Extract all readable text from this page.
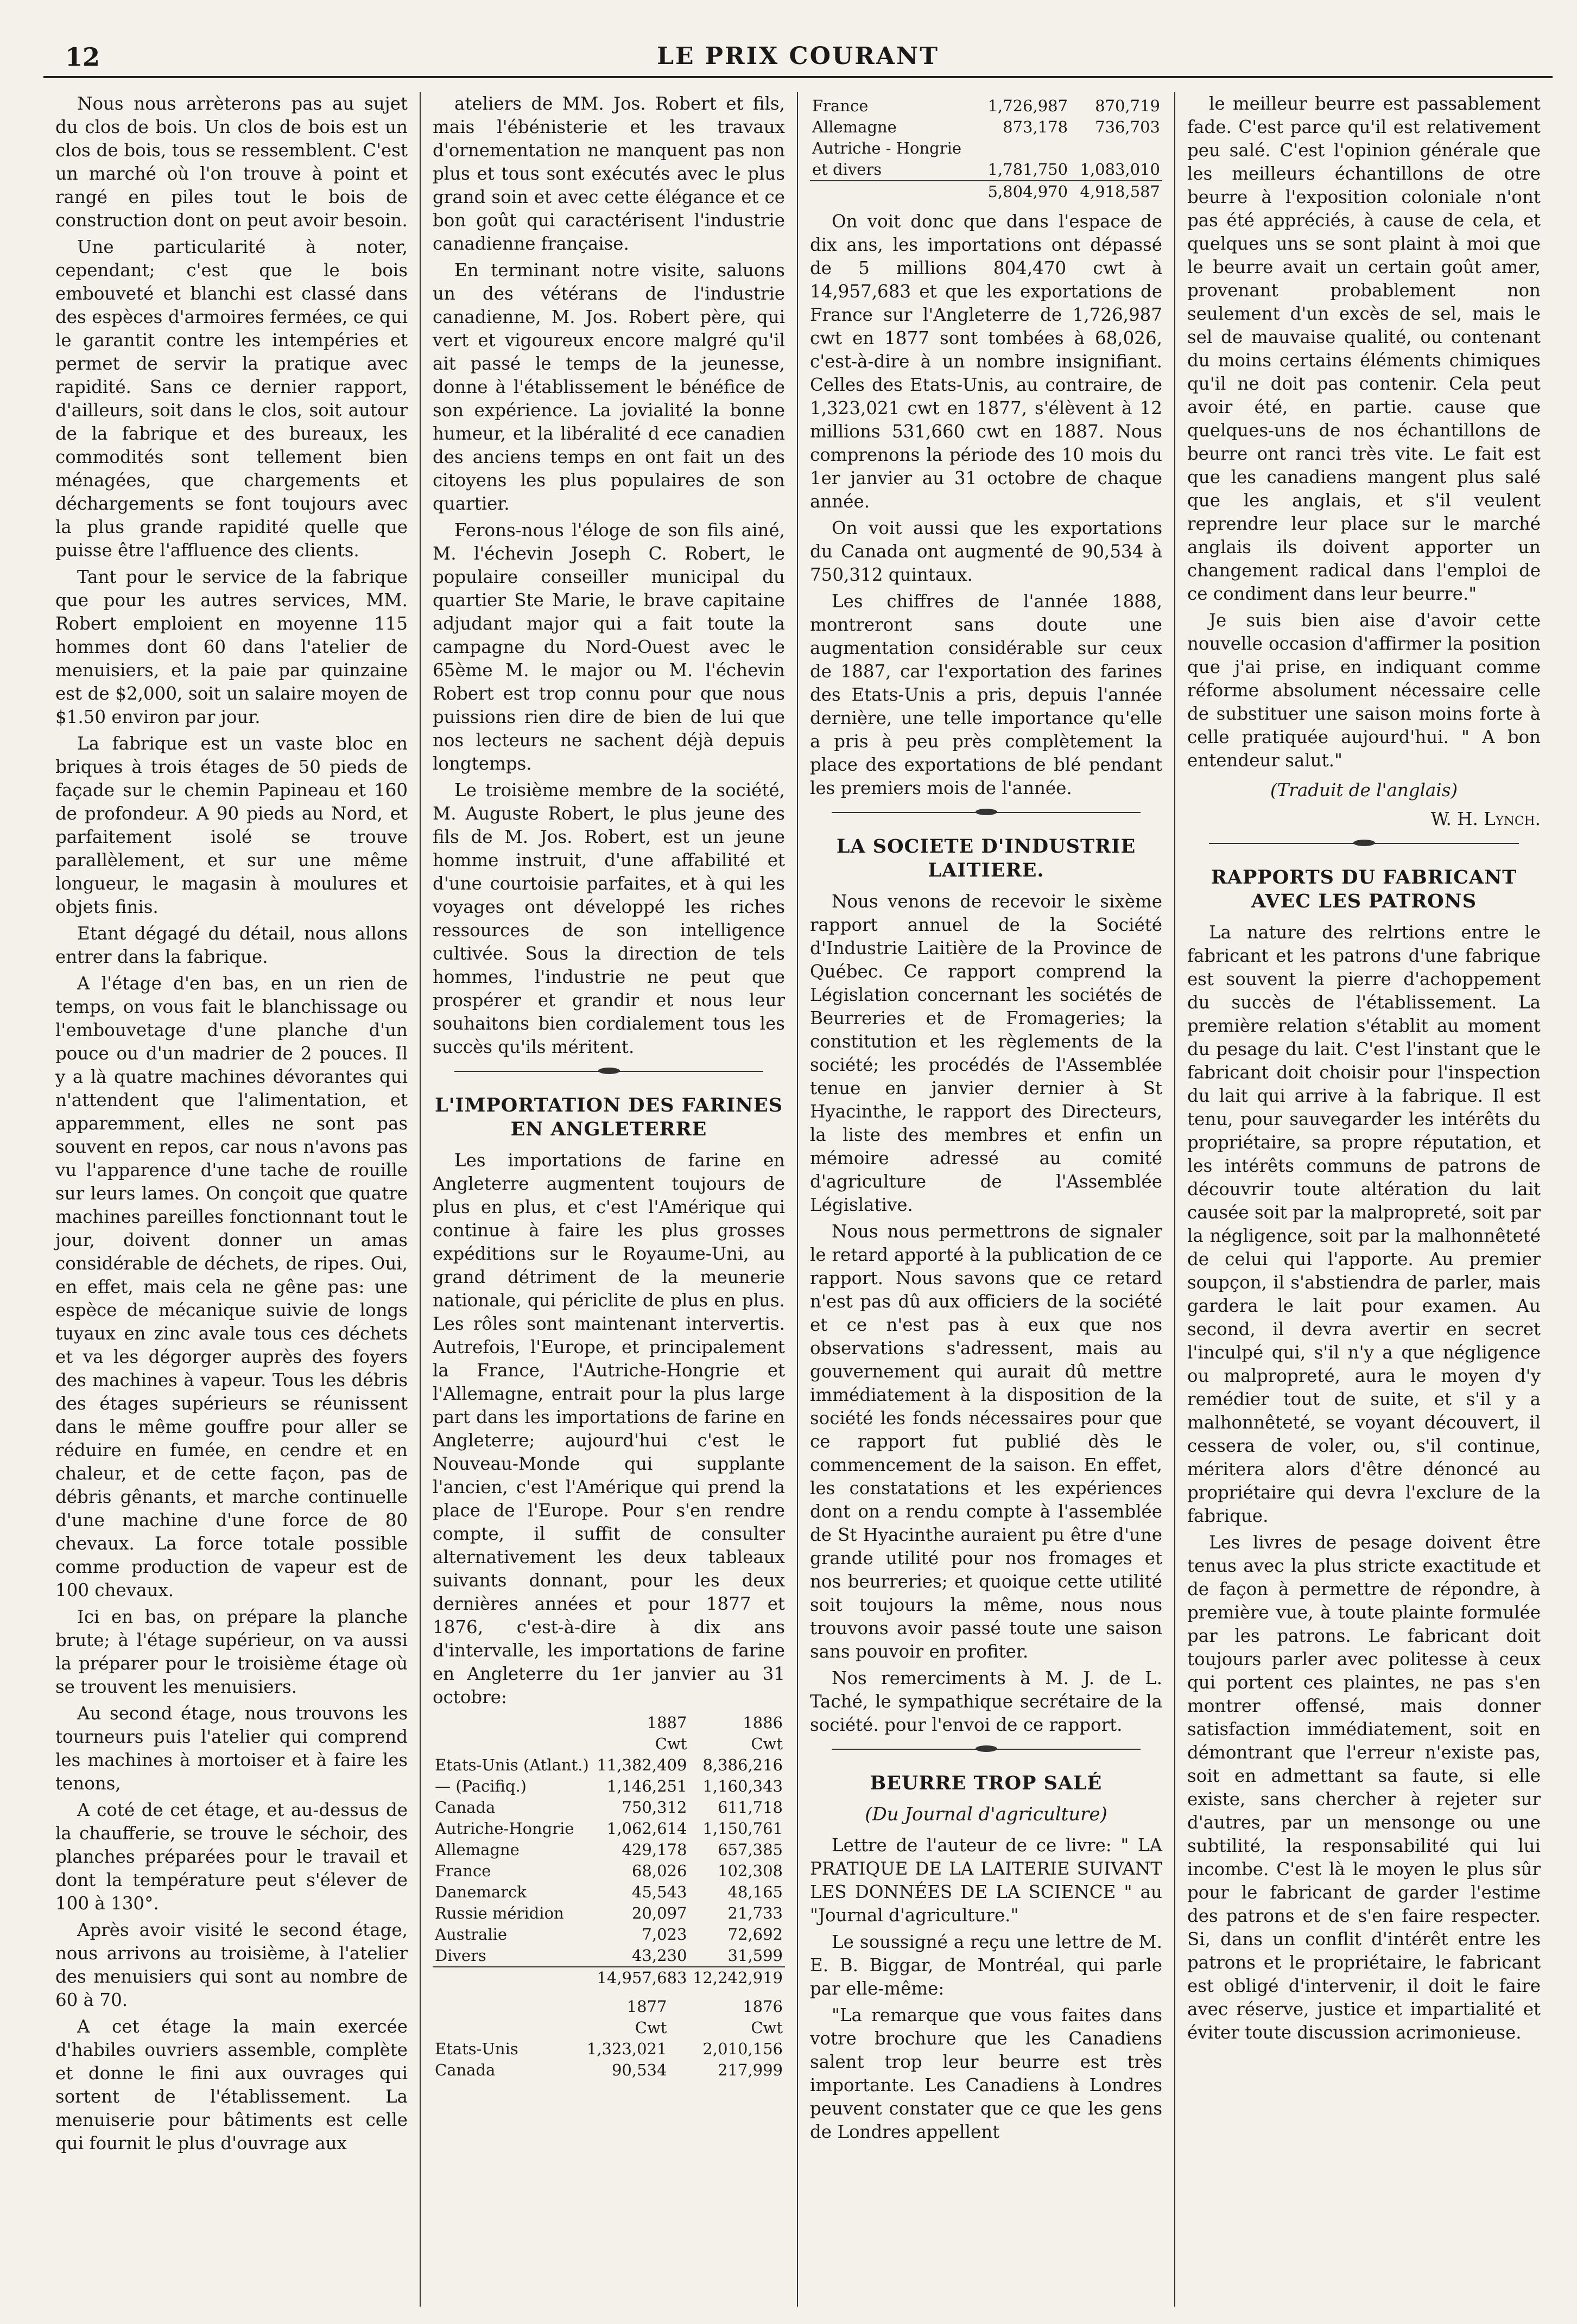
12	LE PRIX COURANT

Nous nous arrèterons pas au sujet du clos de bois. Un clos de bois est un clos de bois, tous se ressemblent. C'est un marché où l'on trouve à point et rangé en piles tout le bois de construction dont on peut avoir besoin.

Une particularité à noter, cependant; c'est que le bois embouveté et blanchi est classé dans des espèces d'armoires fermées, ce qui le garantit contre les intempéries et permet de servir la pratique avec rapidité. Sans ce dernier rapport, d'ailleurs, soit dans le clos, soit autour de la fabrique et des bureaux, les commodités sont tellement bien ménagées, que chargements et déchargements se font toujours avec la plus grande rapidité quelle que puisse être l'affluence des clients.

Tant pour le service de la fabrique que pour les autres services, MM. Robert emploient en moyenne 115 hommes dont 60 dans l'atelier de menuisiers, et la paie par quinzaine est de $2,000, soit un salaire moyen de $1.50 environ par jour.

La fabrique est un vaste bloc en briques à trois étages de 50 pieds de façade sur le chemin Papineau et 160 de profondeur. A 90 pieds au Nord, et parfaitement isolé se trouve parallèlement, et sur une même longueur, le magasin à moulures et objets finis.

Etant dégagé du détail, nous allons entrer dans la fabrique.

A l'étage d'en bas, en un rien de temps, on vous fait le blanchissage ou l'embouvetage d'une planche d'un pouce ou d'un madrier de 2 pouces. Il y a là quatre machines dévorantes qui n'attendent que l'alimentation, et apparemment, elles ne sont pas souvent en repos, car nous n'avons pas vu l'apparence d'une tache de rouille sur leurs lames. On conçoit que quatre machines pareilles fonctionnant tout le jour, doivent donner un amas considérable de déchets, de ripes. Oui, en effet, mais cela ne gêne pas: une espèce de mécanique suivie de longs tuyaux en zinc avale tous ces déchets et va les dégorger auprès des foyers des machines à vapeur. Tous les débris des étages supérieurs se réunissent dans le même gouffre pour aller se réduire en fumée, en cendre et en chaleur, et de cette façon, pas de débris gênants, et marche continuelle d'une machine d'une force de 80 chevaux. La force totale possible comme production de vapeur est de 100 chevaux.

Ici en bas, on prépare la planche brute; à l'étage supérieur, on va aussi la préparer pour le troisième étage où se trouvent les menuisiers.

Au second étage, nous trouvons les tourneurs puis l'atelier qui comprend les machines à mortoiser et à faire les tenons,

A coté de cet étage, et au-dessus de la chaufferie, se trouve le séchoir, des planches préparées pour le travail et dont la température peut s'élever de 100 à 130°.

Après avoir visité le second étage, nous arrivons au troisième, à l'atelier des menuisiers qui sont au nombre de 60 à 70.

A cet étage la main exercée d'habiles ouvriers assemble, complète et donne le fini aux ouvrages qui sortent de l'établissement. La menuiserie pour bâtiments est celle qui fournit le plus d'ouvrage aux

ateliers de MM. Jos. Robert et fils, mais l'ébénisterie et les travaux d'ornementation ne manquent pas non plus et tous sont exécutés avec le plus grand soin et avec cette élégance et ce bon goût qui caractérisent l'industrie canadienne française.

En terminant notre visite, saluons un des vétérans de l'industrie canadienne, M. Jos. Robert père, qui vert et vigoureux encore malgré qu'il ait passé le temps de la jeunesse, donne à l'établissement le bénéfice de son expérience. La jovialité la bonne humeur, et la libéralité d ece canadien des anciens temps en ont fait un des citoyens les plus populaires de son quartier.

Ferons-nous l'éloge de son fils ainé, M. l'échevin Joseph C. Robert, le populaire conseiller municipal du quartier Ste Marie, le brave capitaine adjudant major qui a fait toute la campagne du Nord-Ouest avec le 65ème M. le major ou M. l'échevin Robert est trop connu pour que nous puissions rien dire de bien de lui que nos lecteurs ne sachent déjà depuis longtemps.

Le troisième membre de la société, M. Auguste Robert, le plus jeune des fils de M. Jos. Robert, est un jeune homme instruit, d'une affabilité et d'une courtoisie parfaites, et à qui les voyages ont développé les riches ressources de son intelligence cultivée. Sous la direction de tels hommes, l'industrie ne peut que prospérer et grandir et nous leur souhaitons bien cordialement tous les succès qu'ils méritent.

L'IMPORTATION DES FARINES EN ANGLETERRE

Les importations de farine en Angleterre augmentent toujours de plus en plus, et c'est l'Amérique qui continue à faire les plus grosses expéditions sur le Royaume-Uni, au grand détriment de la meunerie nationale, qui périclite de plus en plus. Les rôles sont maintenant intervertis. Autrefois, l'Europe, et principalement la France, l'Autriche-Hongrie et l'Allemagne, entrait pour la plus large part dans les importations de farine en Angleterre; aujourd'hui c'est le Nouveau-Monde qui supplante l'ancien, c'est l'Amérique qui prend la place de l'Europe. Pour s'en rendre compte, il suffit de consulter alternativement les deux tableaux suivants donnant, pour les deux dernières années et pour 1877 et 1876, c'est-à-dire à dix ans d'intervalle, les importations de farine en Angleterre du 1er janvier au 31 octobre:

	1887	1886
	Cwt	Cwt
Etats-Unis (Atlant.)	11,382,409	8,386,216
— (Pacifiq.)	1,146,251	1,160,343
Canada	750,312	611,718
Autriche-Hongrie	1,062,614	1,150,761
Allemagne	429,178	657,385
France	68,026	102,308
Danemarck	45,543	48,165
Russie méridion	20,097	21,733
Australie	7,023	72,692
Divers	43,230	31,599
	14,957,683	12,242,919
	1877	1876
	Cwt	Cwt
Etats-Unis	1,323,021	2,010,156
Canada	90,534	217,999
France	1,726,987	870,719
Allemagne	873,178	736,703
Autriche - Hongrie		
et divers	1,781,750	1,083,010
	5,804,970	4,918,587

On voit donc que dans l'espace de dix ans, les importations ont dépassé de 5 millions 804,470 cwt à 14,957,683 et que les exportations de France sur l'Angleterre de 1,726,987 cwt en 1877 sont tombées à 68,026, c'est-à-dire à un nombre insignifiant. Celles des Etats-Unis, au contraire, de 1,323,021 cwt en 1877, s'élèvent à 12 millions 531,660 cwt en 1887. Nous comprenons la période des 10 mois du 1er janvier au 31 octobre de chaque année.

On voit aussi que les exportations du Canada ont augmenté de 90,534 à 750,312 quintaux.

Les chiffres de l'année 1888, montreront sans doute une augmentation considérable sur ceux de 1887, car l'exportation des farines des Etats-Unis a pris, depuis l'année dernière, une telle importance qu'elle a pris à peu près complètement la place des exportations de blé pendant les premiers mois de l'année.

LA SOCIETE D'INDUSTRIE LAITIERE.

Nous venons de recevoir le sixème rapport annuel de la Société d'Industrie Laitière de la Province de Québec. Ce rapport comprend la Législation concernant les sociétés de Beurreries et de Fromageries; la constitution et les règlements de la société; les procédés de l'Assemblée tenue en janvier dernier à St Hyacinthe, le rapport des Directeurs, la liste des membres et enfin un mémoire adressé au comité d'agriculture de l'Assemblée Législative.

Nous nous permettrons de signaler le retard apporté à la publication de ce rapport. Nous savons que ce retard n'est pas dû aux officiers de la société et ce n'est pas à eux que nos observations s'adressent, mais au gouvernement qui aurait dû mettre immédiatement à la disposition de la société les fonds nécessaires pour que ce rapport fut publié dès le commencement de la saison. En effet, les constatations et les expériences dont on a rendu compte à l'assemblée de St Hyacinthe auraient pu être d'une grande utilité pour nos fromages et nos beurreries; et quoique cette utilité soit toujours la même, nous nous trouvons avoir passé toute une saison sans pouvoir en profiter.

Nos remerciments à M. J. de L. Taché, le sympathique secrétaire de la société. pour l'envoi de ce rapport.

BEURRE TROP SALÉ
(Du Journal d'agriculture)

Lettre de l'auteur de ce livre: " LA PRATIQUE DE LA LAITERIE SUIVANT LES DONNÉES DE LA SCIENCE " au "Journal d'agriculture."

Le soussigné a reçu une lettre de M. E. B. Biggar, de Montréal, qui parle par elle-même:

"La remarque que vous faites dans votre brochure que les Canadiens salent trop leur beurre est très importante. Les Canadiens à Londres peuvent constater que ce que les gens de Londres appellent

le meilleur beurre est passablement fade. C'est parce qu'il est relativement peu salé. C'est l'opinion générale que les meilleurs échantillons de otre beurre à l'exposition coloniale n'ont pas été appréciés, à cause de cela, et quelques uns se sont plaint à moi que le beurre avait un certain goût amer, provenant probablement non seulement d'un excès de sel, mais le sel de mauvaise qualité, ou contenant du moins certains éléments chimiques qu'il ne doit pas contenir. Cela peut avoir été, en partie. cause que quelques-uns de nos échantillons de beurre ont ranci très vite. Le fait est que les canadiens mangent plus salé que les anglais, et s'il veulent reprendre leur place sur le marché anglais ils doivent apporter un changement radical dans l'emploi de ce condiment dans leur beurre."

Je suis bien aise d'avoir cette nouvelle occasion d'affirmer la position que j'ai prise, en indiquant comme réforme absolument nécessaire celle de substituer une saison moins forte à celle pratiquée aujourd'hui. " A bon entendeur salut."

(Traduit de l'anglais)
W. H. Lynch.
RAPPORTS DU FABRICANT AVEC LES PATRONS

La nature des relrtions entre le fabricant et les patrons d'une fabrique est souvent la pierre d'achoppement du succès de l'établissement. La première relation s'établit au moment du pesage du lait. C'est l'instant que le fabricant doit choisir pour l'inspection du lait qui arrive à la fabrique. Il est tenu, pour sauvegarder les intérêts du propriétaire, sa propre réputation, et les intérêts communs de patrons de découvrir toute altération du lait causée soit par la malpropreté, soit par la négligence, soit par la malhonnêteté de celui qui l'apporte. Au premier soupçon, il s'abstiendra de parler, mais gardera le lait pour examen. Au second, il devra avertir en secret l'inculpé qui, s'il n'y a que négligence ou malpropreté, aura le moyen d'y remédier tout de suite, et s'il y a malhonnêteté, se voyant découvert, il cessera de voler, ou, s'il continue, méritera alors d'être dénoncé au propriétaire qui devra l'exclure de la fabrique.

Les livres de pesage doivent être tenus avec la plus stricte exactitude et de façon à permettre de répondre, à première vue, à toute plainte formulée par les patrons. Le fabricant doit toujours parler avec politesse à ceux qui portent ces plaintes, ne pas s'en montrer offensé, mais donner satisfaction immédiatement, soit en démontrant que l'erreur n'existe pas, soit en admettant sa faute, si elle existe, sans chercher à rejeter sur d'autres, par un mensonge ou une subtilité, la responsabilité qui lui incombe. C'est là le moyen le plus sûr pour le fabricant de garder l'estime des patrons et de s'en faire respecter. Si, dans un conflit d'intérêt entre les patrons et le propriétaire, le fabricant est obligé d'intervenir, il doit le faire avec réserve, justice et impartialité et éviter toute discussion acrimonieuse.
